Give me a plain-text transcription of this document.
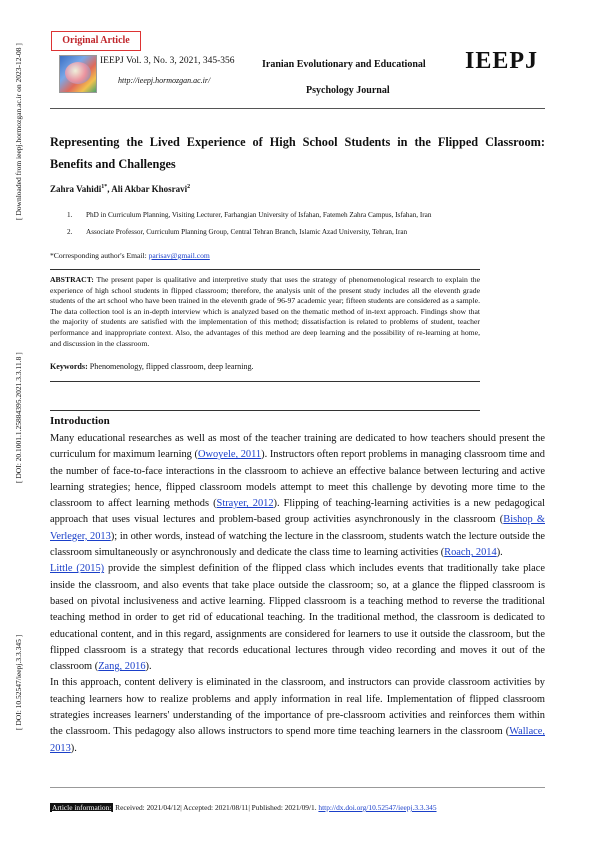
Original Article
IEEPJ Vol. 3, No. 3, 2021, 345-356
http://ieepj.hormozgan.ac.ir/
Iranian Evolutionary and Educational
Psychology Journal
IEEPJ
Representing the Lived Experience of High School Students in the Flipped Classroom: Benefits and Challenges
Zahra Vahidi$^{1*}$, Ali Akbar Khosravi$^2$
1. PhD in Curriculum Planning, Visiting Lecturer, Farhangian University of Isfahan, Fatemeh Zahra Campus, Isfahan, Iran
2. Associate Professor, Curriculum Planning Group, Central Tehran Branch, Islamic Azad University, Tehran, Iran
*Corresponding author's Email: parisav@gmail.com
ABSTRACT: The present paper is qualitative and interpretive study that uses the strategy of phenomenological research to explain the experience of high school students in flipped classroom; therefore, the analysis unit of the present study includes all the eleventh grade students of the art school who have been trained in the eleventh grade of 96-97 academic year; fifteen students are considered as a sample. The data collection tool is an in-depth interview which is analyzed based on the thematic method of in-text approach. Findings show that the majority of students are satisfied with the implementation of this method; dissatisfaction is related to problems of student, teacher performance and inappropriate context. Also, the advantages of this method are deep learning and the possibility of re-learning at home, and discussion in the classroom.
Keywords: Phenomenology, flipped classroom, deep learning.
Introduction

Many educational researches as well as most of the teacher training are dedicated to how teachers should present the curriculum for maximum learning (Owoyele, 2011). Instructors often report problems in managing classroom time and the number of face-to-face interactions in the classroom to achieve an effective balance between lecturing and active learning strategies; hence, flipped classroom models attempt to meet this challenge by devoting more time to the classroom to affect learning methods (Strayer, 2012). Flipping of teaching-learning activities is a new pedagogical approach that uses visual lectures and problem-based group activities asynchronously in the classroom (Bishop & Verleger, 2013); in other words, instead of watching the lecture in the classroom, students watch the lecture outside the classroom simultaneously or asynchronously and dedicate the class time to learning activities (Roach, 2014).

Little (2015) provide the simplest definition of the flipped class which includes events that traditionally take place inside the classroom, and also events that take place outside the classroom; so, at a glance the flipped classroom is based on pivotal inclusiveness and active learning. Flipped classroom is a teaching method to reverse the traditional teaching method in order to get rid of educational teaching. In the traditional method, the classroom is dedicated to educational content, and in this regard, assignments are considered for learners to use it outside the classroom, but the flipped classroom is a strategy that records educational lectures through video recording and moves it out of the classroom (Zang, 2016).

In this approach, content delivery is eliminated in the classroom, and instructors can provide classroom activities by teaching learners how to realize problems and apply information in real life. Implementation of flipped classroom strategies increases learners' understanding of the importance of pre-classroom activities and reinforces them within the classroom. This pedagogy also allows instructors to spend more time teaching learners in the classroom (Wallace, 2013).

[ Downloaded from ieepj.hormozgan.ac.ir on 2023-12-08 ]
[ DOI: 20.1001.1.25884395.2021.3.3.11.8 ]
[ DOI: 10.52547/ieepj.3.3.345 ]
Article information: Received: 2021/04/12| Accepted: 2021/08/11| Published: 2021/09/1. http://dx.doi.org/10.52547/ieepj.3.3.345
